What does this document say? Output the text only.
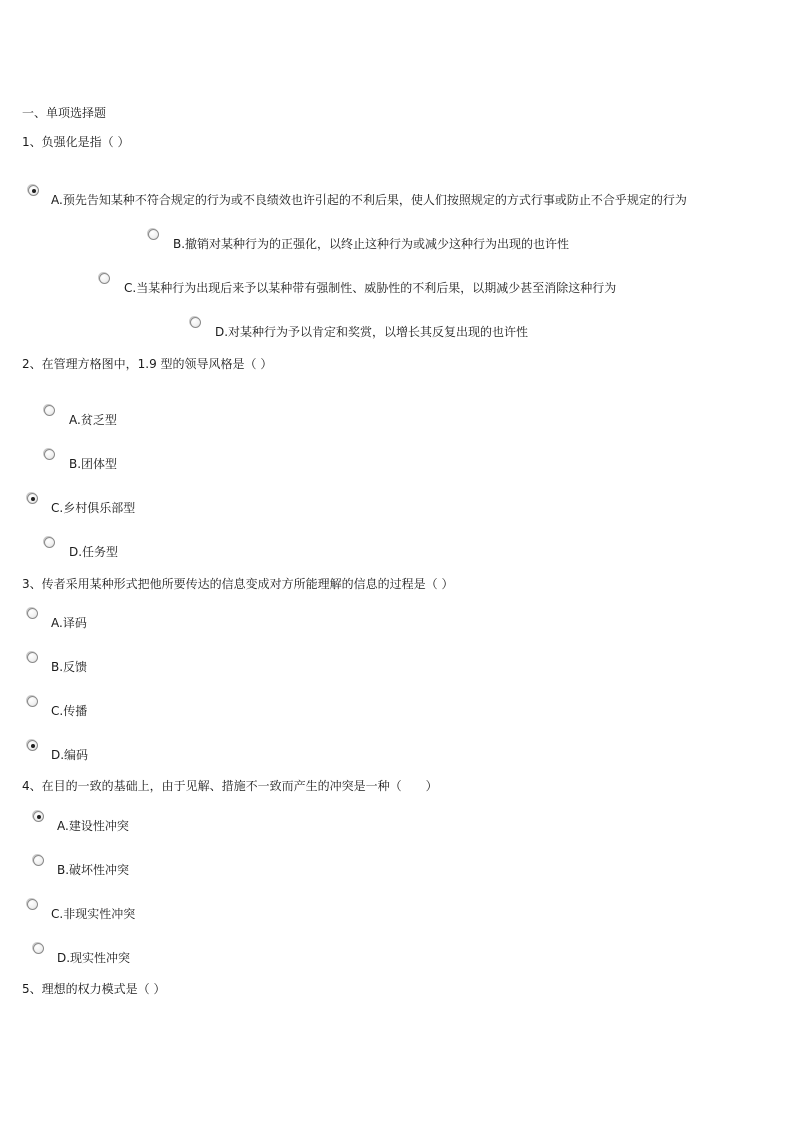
一、单项选择题
1、负强化是指（ ）
A.预先告知某种不符合规定的行为或不良绩效也许引起的不利后果，使人们按照规定的方式行事或防止不合乎规定的行为
B.撤销对某种行为的正强化，以终止这种行为或减少这种行为出现的也许性
C.当某种行为出现后来予以某种带有强制性、威胁性的不利后果，以期减少甚至消除这种行为
D.对某种行为予以肯定和奖赏，以增长其反复出现的也许性
2、在管理方格图中，1.9 型的领导风格是（ ）
A.贫乏型
B.团体型
C.乡村俱乐部型
D.任务型
3、传者采用某种形式把他所要传达的信息变成对方所能理解的信息的过程是（ ）
A.译码
B.反馈
C.传播
D.编码
4、在目的一致的基础上，由于见解、措施不一致而产生的冲突是一种（　　）
A.建设性冲突
B.破坏性冲突
C.非现实性冲突
D.现实性冲突
5、理想的权力模式是（ ）
